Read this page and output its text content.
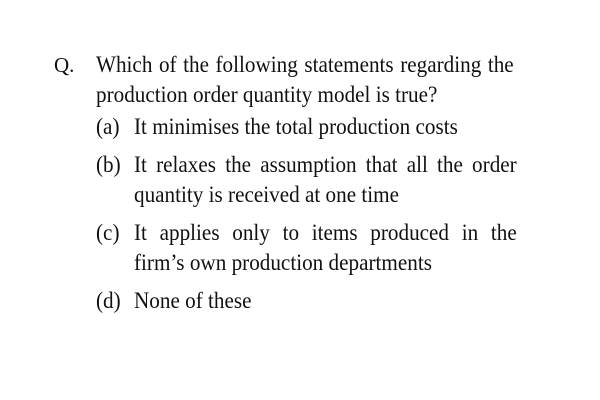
Q. Which of the following statements regarding the production order quantity model is true?
(a) It minimises the total production costs
(b) It relaxes the assumption that all the order quantity is received at one time
(c) It applies only to items produced in the firm’s own production departments
(d) None of these
